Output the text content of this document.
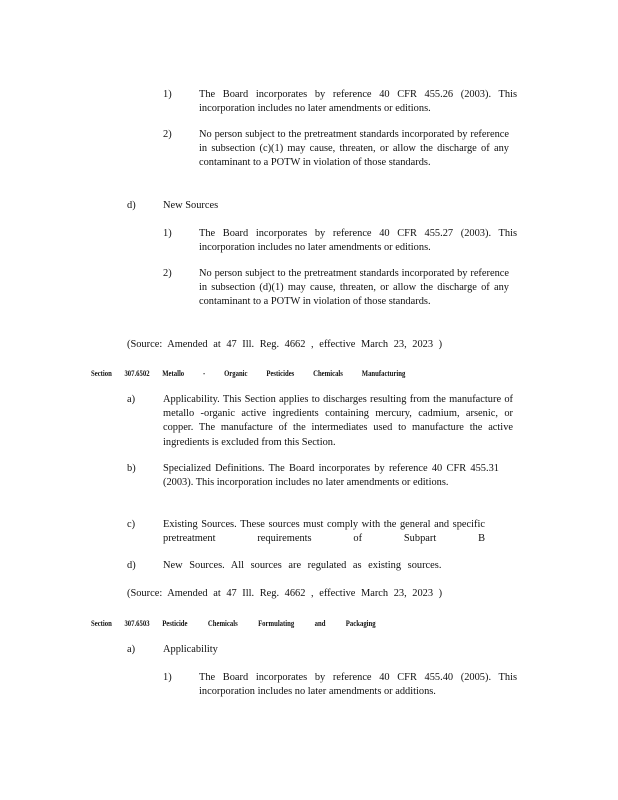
1)	The Board incorporates by reference 40 CFR 455.26 (2003). This incorporation includes no later amendments or editions.
2)	No person subject to the pretreatment standards incorporated by reference in subsection (c)(1) may cause, threaten, or allow the discharge of any contaminant to a POTW in violation of those standards.
d)	New Sources
1)	The Board incorporates by reference 40 CFR 455.27 (2003). This incorporation includes no later amendments or editions.
2)	No person subject to the pretreatment standards incorporated by reference in subsection (d)(1) may cause, threaten, or allow the discharge of any contaminant to a POTW in violation of those standards.
(Source: Amended at 47 Ill. Reg. 4662 , effective March 23, 2023 )
Section 307.6502 Metallo - Organic Pesticides Chemicals Manufacturing
a)	Applicability. This Section applies to discharges resulting from the manufacture of metallo -organic active ingredients containing mercury, cadmium, arsenic, or copper. The manufacture of the intermediates used to manufacture the active ingredients is excluded from this Section.
b)	Specialized Definitions. The Board incorporates by reference 40 CFR 455.31 (2003). This incorporation includes no later amendments or editions.
c)	Existing Sources. These sources must comply with the general and specific pretreatment requirements of Subpart B
d)	New Sources. All sources are regulated as existing sources.
(Source: Amended at 47 Ill. Reg. 4662 , effective March 23, 2023 )
Section 307.6503 Pesticide Chemicals Formulating and Packaging
a)	Applicability
1)	The Board incorporates by reference 40 CFR 455.40 (2005). This incorporation includes no later amendments or additions.
